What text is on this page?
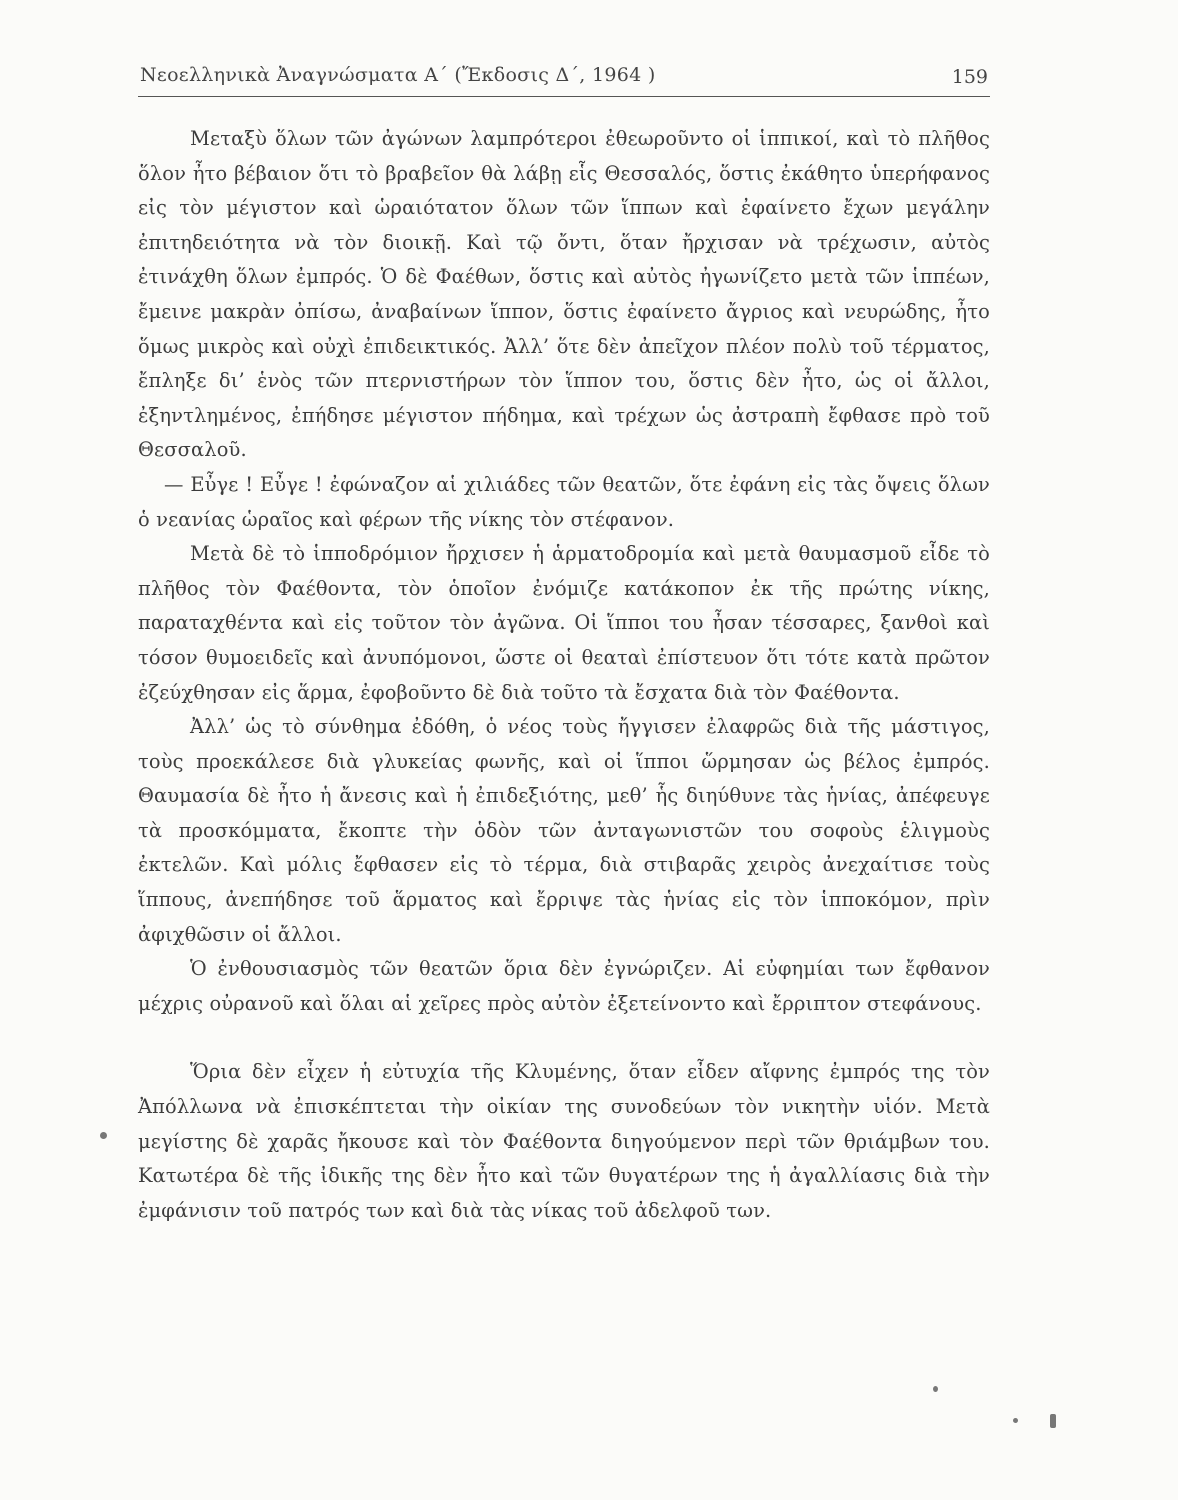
Νεοελληνικὰ Ἀναγνώσματα Α΄ (Ἔκδοσις Δ΄, 1964 )	159

Μεταξὺ ὅλων τῶν ἀγώνων λαμπρότεροι ἐθεωροῦντο οἱ ἱππικοί, καὶ τὸ πλῆθος ὅλον ἦτο βέβαιον ὅτι τὸ βραβεῖον θὰ λάβῃ εἷς Θεσσαλός, ὅστις ἐκάθητο ὑπερήφανος εἰς τὸν μέγιστον καὶ ὡραιότατον ὅλων τῶν ἵππων καὶ ἐφαίνετο ἔχων μεγάλην ἐπιτηδειότητα νὰ τὸν διοικῇ. Καὶ τῷ ὄντι, ὅταν ἤρχισαν νὰ τρέχωσιν, αὐτὸς ἐτινάχθη ὅλων ἐμπρός. Ὁ δὲ Φαέθων, ὅστις καὶ αὐτὸς ἠγωνίζετο μετὰ τῶν ἱππέων, ἔμεινε μακρὰν ὀπίσω, ἀναβαίνων ἵππον, ὅστις ἐφαίνετο ἄγριος καὶ νευρώδης, ἦτο ὅμως μικρὸς καὶ οὐχὶ ἐπιδεικτικός. Ἀλλ’ ὅτε δὲν ἀπεῖχον πλέον πολὺ τοῦ τέρματος, ἔπληξε δι’ ἑνὸς τῶν πτερνιστήρων τὸν ἵππον του, ὅστις δὲν ἦτο, ὡς οἱ ἄλλοι, ἐξηντλημένος, ἐπήδησε μέγιστον πήδημα, καὶ τρέχων ὡς ἀστραπὴ ἔφθασε πρὸ τοῦ Θεσσαλοῦ.

— Εὖγε ! Εὖγε ! ἐφώναζον αἱ χιλιάδες τῶν θεατῶν, ὅτε ἐφάνη εἰς τὰς ὄψεις ὅλων ὁ νεανίας ὡραῖος καὶ φέρων τῆς νίκης τὸν στέφανον.

Μετὰ δὲ τὸ ἱπποδρόμιον ἤρχισεν ἡ ἁρματοδρομία καὶ μετὰ θαυμασμοῦ εἶδε τὸ πλῆθος τὸν Φαέθοντα, τὸν ὁποῖον ἐνόμιζε κατάκοπον ἐκ τῆς πρώτης νίκης, παραταχθέντα καὶ εἰς τοῦτον τὸν ἀγῶνα. Οἱ ἵπποι του ἦσαν τέσσαρες, ξανθοὶ καὶ τόσον θυμοειδεῖς καὶ ἀνυπόμονοι, ὥστε οἱ θεαταὶ ἐπίστευον ὅτι τότε κατὰ πρῶτον ἐζεύχθησαν εἰς ἅρμα, ἐφοβοῦντο δὲ διὰ τοῦτο τὰ ἔσχατα διὰ τὸν Φαέθοντα.

Ἀλλ’ ὡς τὸ σύνθημα ἐδόθη, ὁ νέος τοὺς ἤγγισεν ἐλαφρῶς διὰ τῆς μάστιγος, τοὺς προεκάλεσε διὰ γλυκείας φωνῆς, καὶ οἱ ἵπποι ὥρμησαν ὡς βέλος ἐμπρός. Θαυμασία δὲ ἦτο ἡ ἄνεσις καὶ ἡ ἐπιδεξιότης, μεθ’ ἧς διηύθυνε τὰς ἡνίας, ἀπέφευγε τὰ προσκόμματα, ἔκοπτε τὴν ὁδὸν τῶν ἀνταγωνιστῶν του σοφοὺς ἑλιγμοὺς ἐκτελῶν. Καὶ μόλις ἔφθασεν εἰς τὸ τέρμα, διὰ στιβαρᾶς χειρὸς ἀνεχαίτισε τοὺς ἵππους, ἀνεπήδησε τοῦ ἅρματος καὶ ἔρριψε τὰς ἡνίας εἰς τὸν ἱπποκόμον, πρὶν ἀφιχθῶσιν οἱ ἄλλοι.

Ὁ ἐνθουσιασμὸς τῶν θεατῶν ὅρια δὲν ἐγνώριζεν. Αἱ εὐφημίαι των ἔφθανον μέχρις οὐρανοῦ καὶ ὅλαι αἱ χεῖρες πρὸς αὐτὸν ἐξετείνοντο καὶ ἔρριπτον στεφάνους.

Ὅρια δὲν εἶχεν ἡ εὐτυχία τῆς Κλυμένης, ὅταν εἶδεν αἴφνης ἐμπρός της τὸν Ἀπόλλωνα νὰ ἐπισκέπτεται τὴν οἰκίαν της συνοδεύων τὸν νικητὴν υἱόν. Μετὰ μεγίστης δὲ χαρᾶς ἤκουσε καὶ τὸν Φαέθοντα διηγούμενον περὶ τῶν θριάμβων του. Κατωτέρα δὲ τῆς ἰδικῆς της δὲν ἦτο καὶ τῶν θυγατέρων της ἡ ἀγαλλίασις διὰ τὴν ἐμφάνισιν τοῦ πατρός των καὶ διὰ τὰς νίκας τοῦ ἀδελφοῦ των.
